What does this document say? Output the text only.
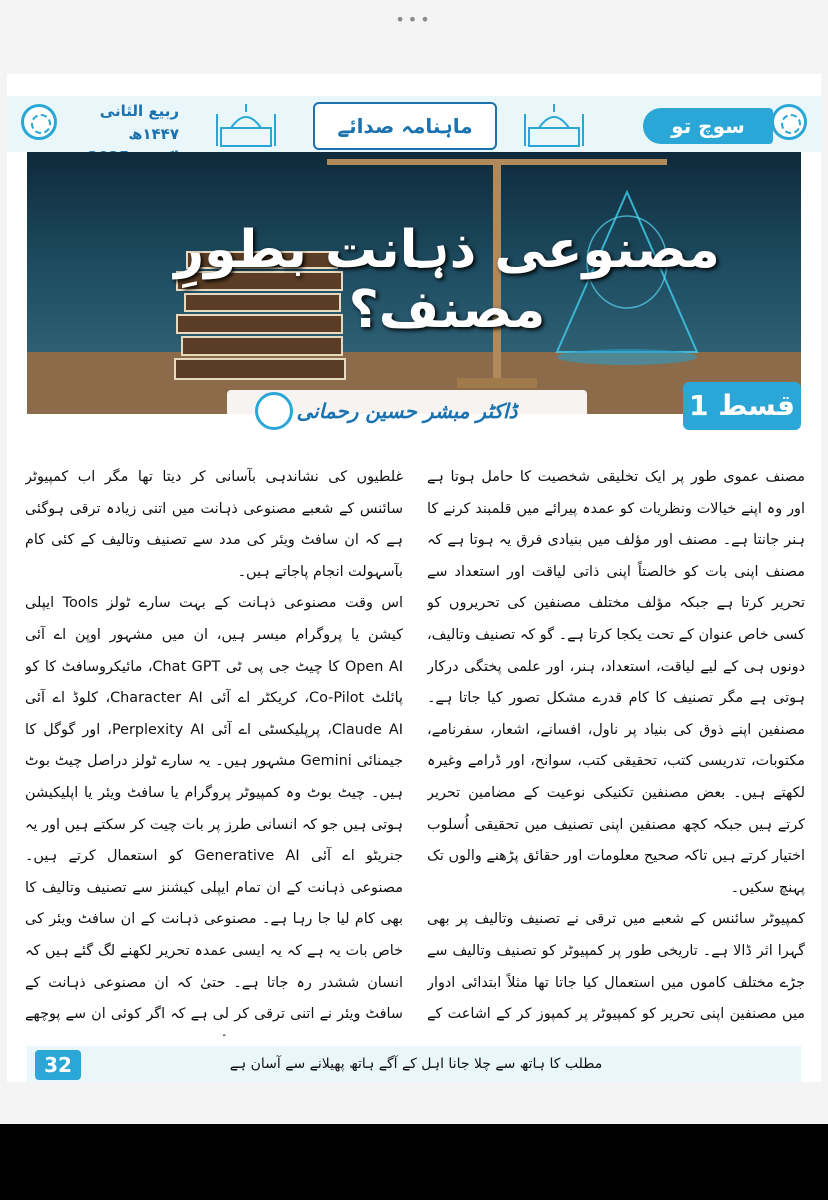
•••
ربیع الثانی ۱۴۴۷ھ	ماہنامہ صدائے	سوچ تو
مصنوعی ذہانت بطورِ مصنف؟
ڈاکٹر مبشر حسین رحمانی	قسط 1

مصنف عموی طور پر ایک تخلیقی شخصیت کا حامل ہوتا ہے اور وہ اپنے خیالات ونظریات کو عمدہ پیرائے میں قلمبند کرنے کا ہنر جانتا ہے۔ مصنف اور مؤلف میں بنیادی فرق یہ ہوتا ہے کہ مصنف اپنی بات کو خالصتاً اپنی ذاتی لیاقت اور استعداد سے تحریر کرتا ہے جبکہ مؤلف مختلف مصنفین کی تحریروں کو کسی خاص عنوان کے تحت یکجا کرتا ہے۔ گو کہ تصنیف وتالیف، دونوں ہی کے لیے لیاقت، استعداد، ہنر، اور علمی پختگی درکار ہوتی ہے مگر تصنیف کا کام قدرے مشکل تصور کیا جاتا ہے۔ مصنفین اپنے ذوق کی بنیاد پر ناول، افسانے، اشعار، سفرنامے، مکتوبات، تدریسی کتب، تحقیقی کتب، سوانح، اور ڈرامے وغیرہ لکھتے ہیں۔ بعض مصنفین تکنیکی نوعیت کے مضامین تحریر کرتے ہیں جبکہ کچھ مصنفین اپنی تصنیف میں تحقیقی اُسلوب اختیار کرتے ہیں تاکہ صحیح معلومات اور حقائق پڑھنے والوں تک پہنچ سکیں۔

کمپیوٹر سائنس کے شعبے میں ترقی نے تصنیف وتالیف پر بھی گہرا اثر ڈالا ہے۔ تاریخی طور پر کمپیوٹر کو تصنیف وتالیف سے جڑے مختلف کاموں میں استعمال کیا جاتا تھا مثلاً ابتدائی ادوار میں مصنفین اپنی تحریر کو کمپیوٹر پر کمپوز کر کے اشاعت کے

غلطیوں کی نشاندہی بآسانی کر دیتا تھا مگر اب کمپیوٹر سائنس کے شعبے مصنوعی ذہانت میں اتنی زیادہ ترقی ہوگئی ہے کہ ان سافٹ ویئر کی مدد سے تصنیف وتالیف کے کئی کام بآسہولت انجام پاجاتے ہیں۔

اس وقت مصنوعی ذہانت کے بہت سارے ٹولز Tools ایپلی کیشن یا پروگرام میسر ہیں، ان میں مشہور اوپن اے آئی Open AI کا چیٹ جی پی ٹی Chat GPT، مائیکروسافٹ کا کو پائلٹ Co-Pilot، کریکٹر اے آئی Character AI، کلوڈ اے آئی Claude AI، پرپلیکسٹی اے آئی Perplexity AI، اور گوگل کا جیمنائی Gemini مشہور ہیں۔ یہ سارے ٹولز دراصل چیٹ بوٹ ہیں۔ چیٹ بوٹ وہ کمپیوٹر پروگرام یا سافٹ ویئر یا اپلیکیشن ہوتی ہیں جو کہ انسانی طرز پر بات چیت کر سکتے ہیں اور یہ جنریٹو اے آئی Generative AI کو استعمال کرتے ہیں۔ مصنوعی ذہانت کے ان تمام ایپلی کیشنز سے تصنیف وتالیف کا بھی کام لیا جا رہا ہے۔ مصنوعی ذہانت کے ان سافٹ ویئر کی خاص بات یہ ہے کہ یہ ایسی عمدہ تحریر لکھنے لگ گئے ہیں کہ انسان ششدر رہ جاتا ہے۔ حتیٰ کہ ان مصنوعی ذہانت کے سافٹ ویئر نے اتنی ترقی کر لی ہے کہ اگر کوئی ان سے پوچھے

32	مطلب کا ہاتھ سے چلا جانا اہل کے آگے ہاتھ پھیلانے سے آسان ہے
